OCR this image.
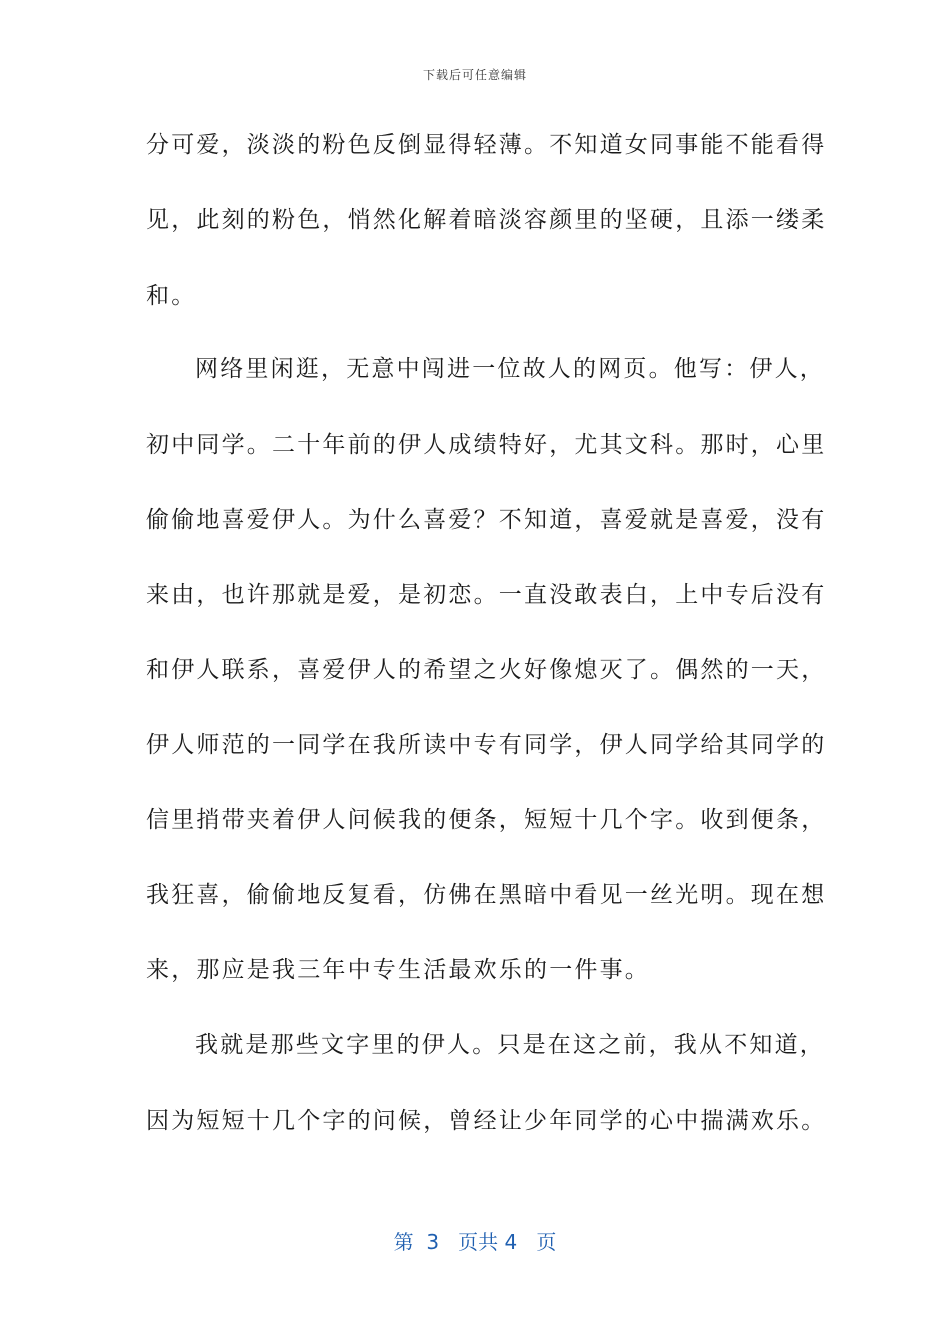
下载后可任意编辑
分可爱，淡淡的粉色反倒显得轻薄。不知道女同事能不能看得
见，此刻的粉色，悄然化解着暗淡容颜里的坚硬，且添一缕柔
和。
网络里闲逛，无意中闯进一位故人的网页。他写：伊人，
初中同学。二十年前的伊人成绩特好，尤其文科。那时，心里
偷偷地喜爱伊人。为什么喜爱？不知道，喜爱就是喜爱，没有
来由，也许那就是爱，是初恋。一直没敢表白，上中专后没有
和伊人联系，喜爱伊人的希望之火好像熄灭了。偶然的一天，
伊人师范的一同学在我所读中专有同学，伊人同学给其同学的
信里捎带夹着伊人问候我的便条，短短十几个字。收到便条，
我狂喜，偷偷地反复看，仿佛在黑暗中看见一丝光明。现在想
来，那应是我三年中专生活最欢乐的一件事。
我就是那些文字里的伊人。只是在这之前，我从不知道，
因为短短十几个字的问候，曾经让少年同学的心中揣满欢乐。
第  3   页共 4   页
